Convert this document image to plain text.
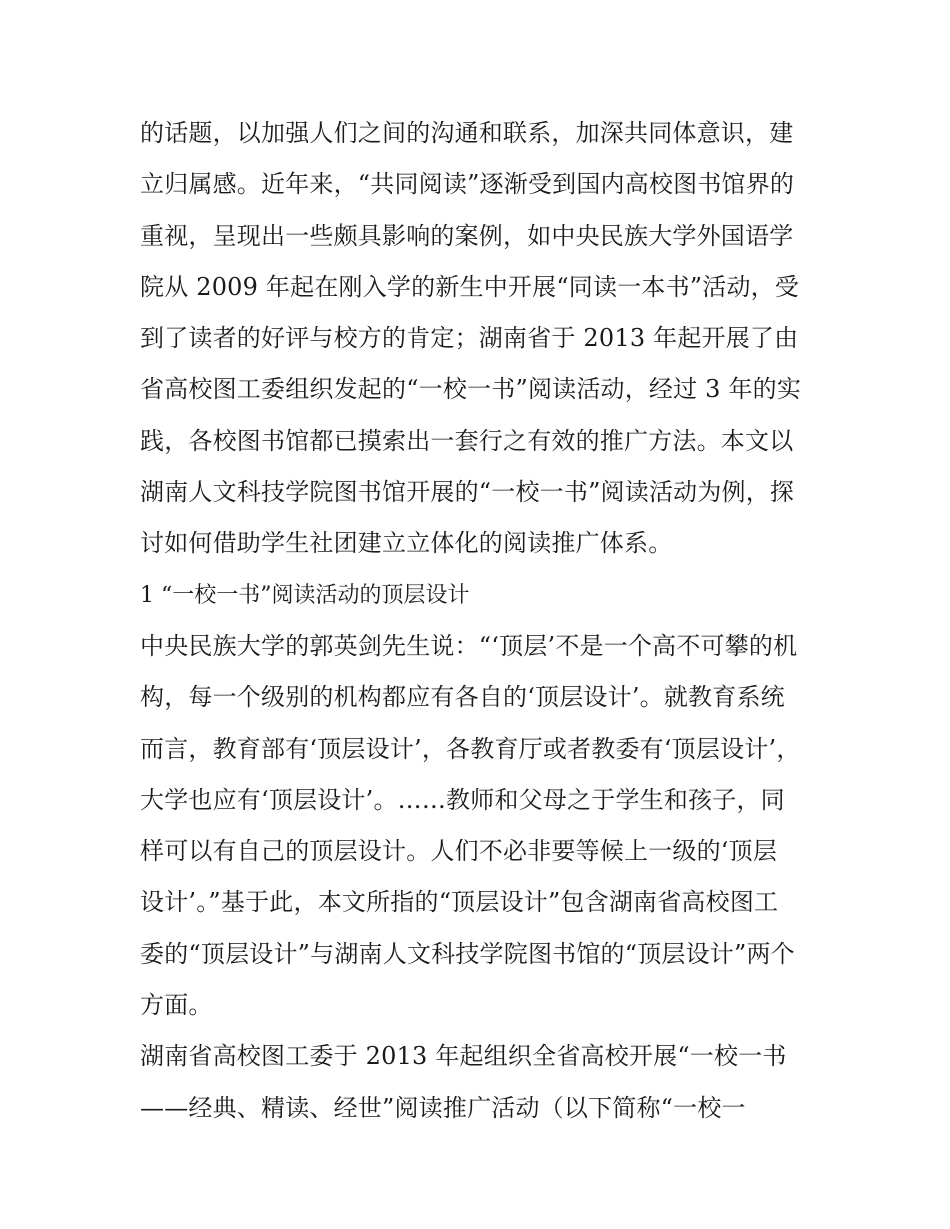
的话题，以加强人们之间的沟通和联系，加深共同体意识，建
立归属感。近年来，“共同阅读”逐渐受到国内高校图书馆界的
重视，呈现出一些颇具影响的案例，如中央民族大学外国语学
院从 2009 年起在刚入学的新生中开展“同读一本书”活动，受
到了读者的好评与校方的肯定；湖南省于 2013 年起开展了由
省高校图工委组织发起的“一校一书”阅读活动，经过 3 年的实
践，各校图书馆都已摸索出一套行之有效的推广方法。本文以
湖南人文科技学院图书馆开展的“一校一书”阅读活动为例，探
讨如何借助学生社团建立立体化的阅读推广体系。
1 “一校一书”阅读活动的顶层设计
中央民族大学的郭英剑先生说：“‘顶层’不是一个高不可攀的机
构，每一个级别的机构都应有各自的‘顶层设计’。就教育系统
而言，教育部有‘顶层设计’，各教育厅或者教委有‘顶层设计’，
大学也应有‘顶层设计’。……教师和父母之于学生和孩子，同
样可以有自己的顶层设计。人们不必非要等候上一级的‘顶层
设计’。”基于此，本文所指的“顶层设计”包含湖南省高校图工
委的“顶层设计”与湖南人文科技学院图书馆的“顶层设计”两个
方面。
湖南省高校图工委于 2013 年起组织全省高校开展“一校一书
——经典、精读、经世”阅读推广活动（以下简称“一校一
